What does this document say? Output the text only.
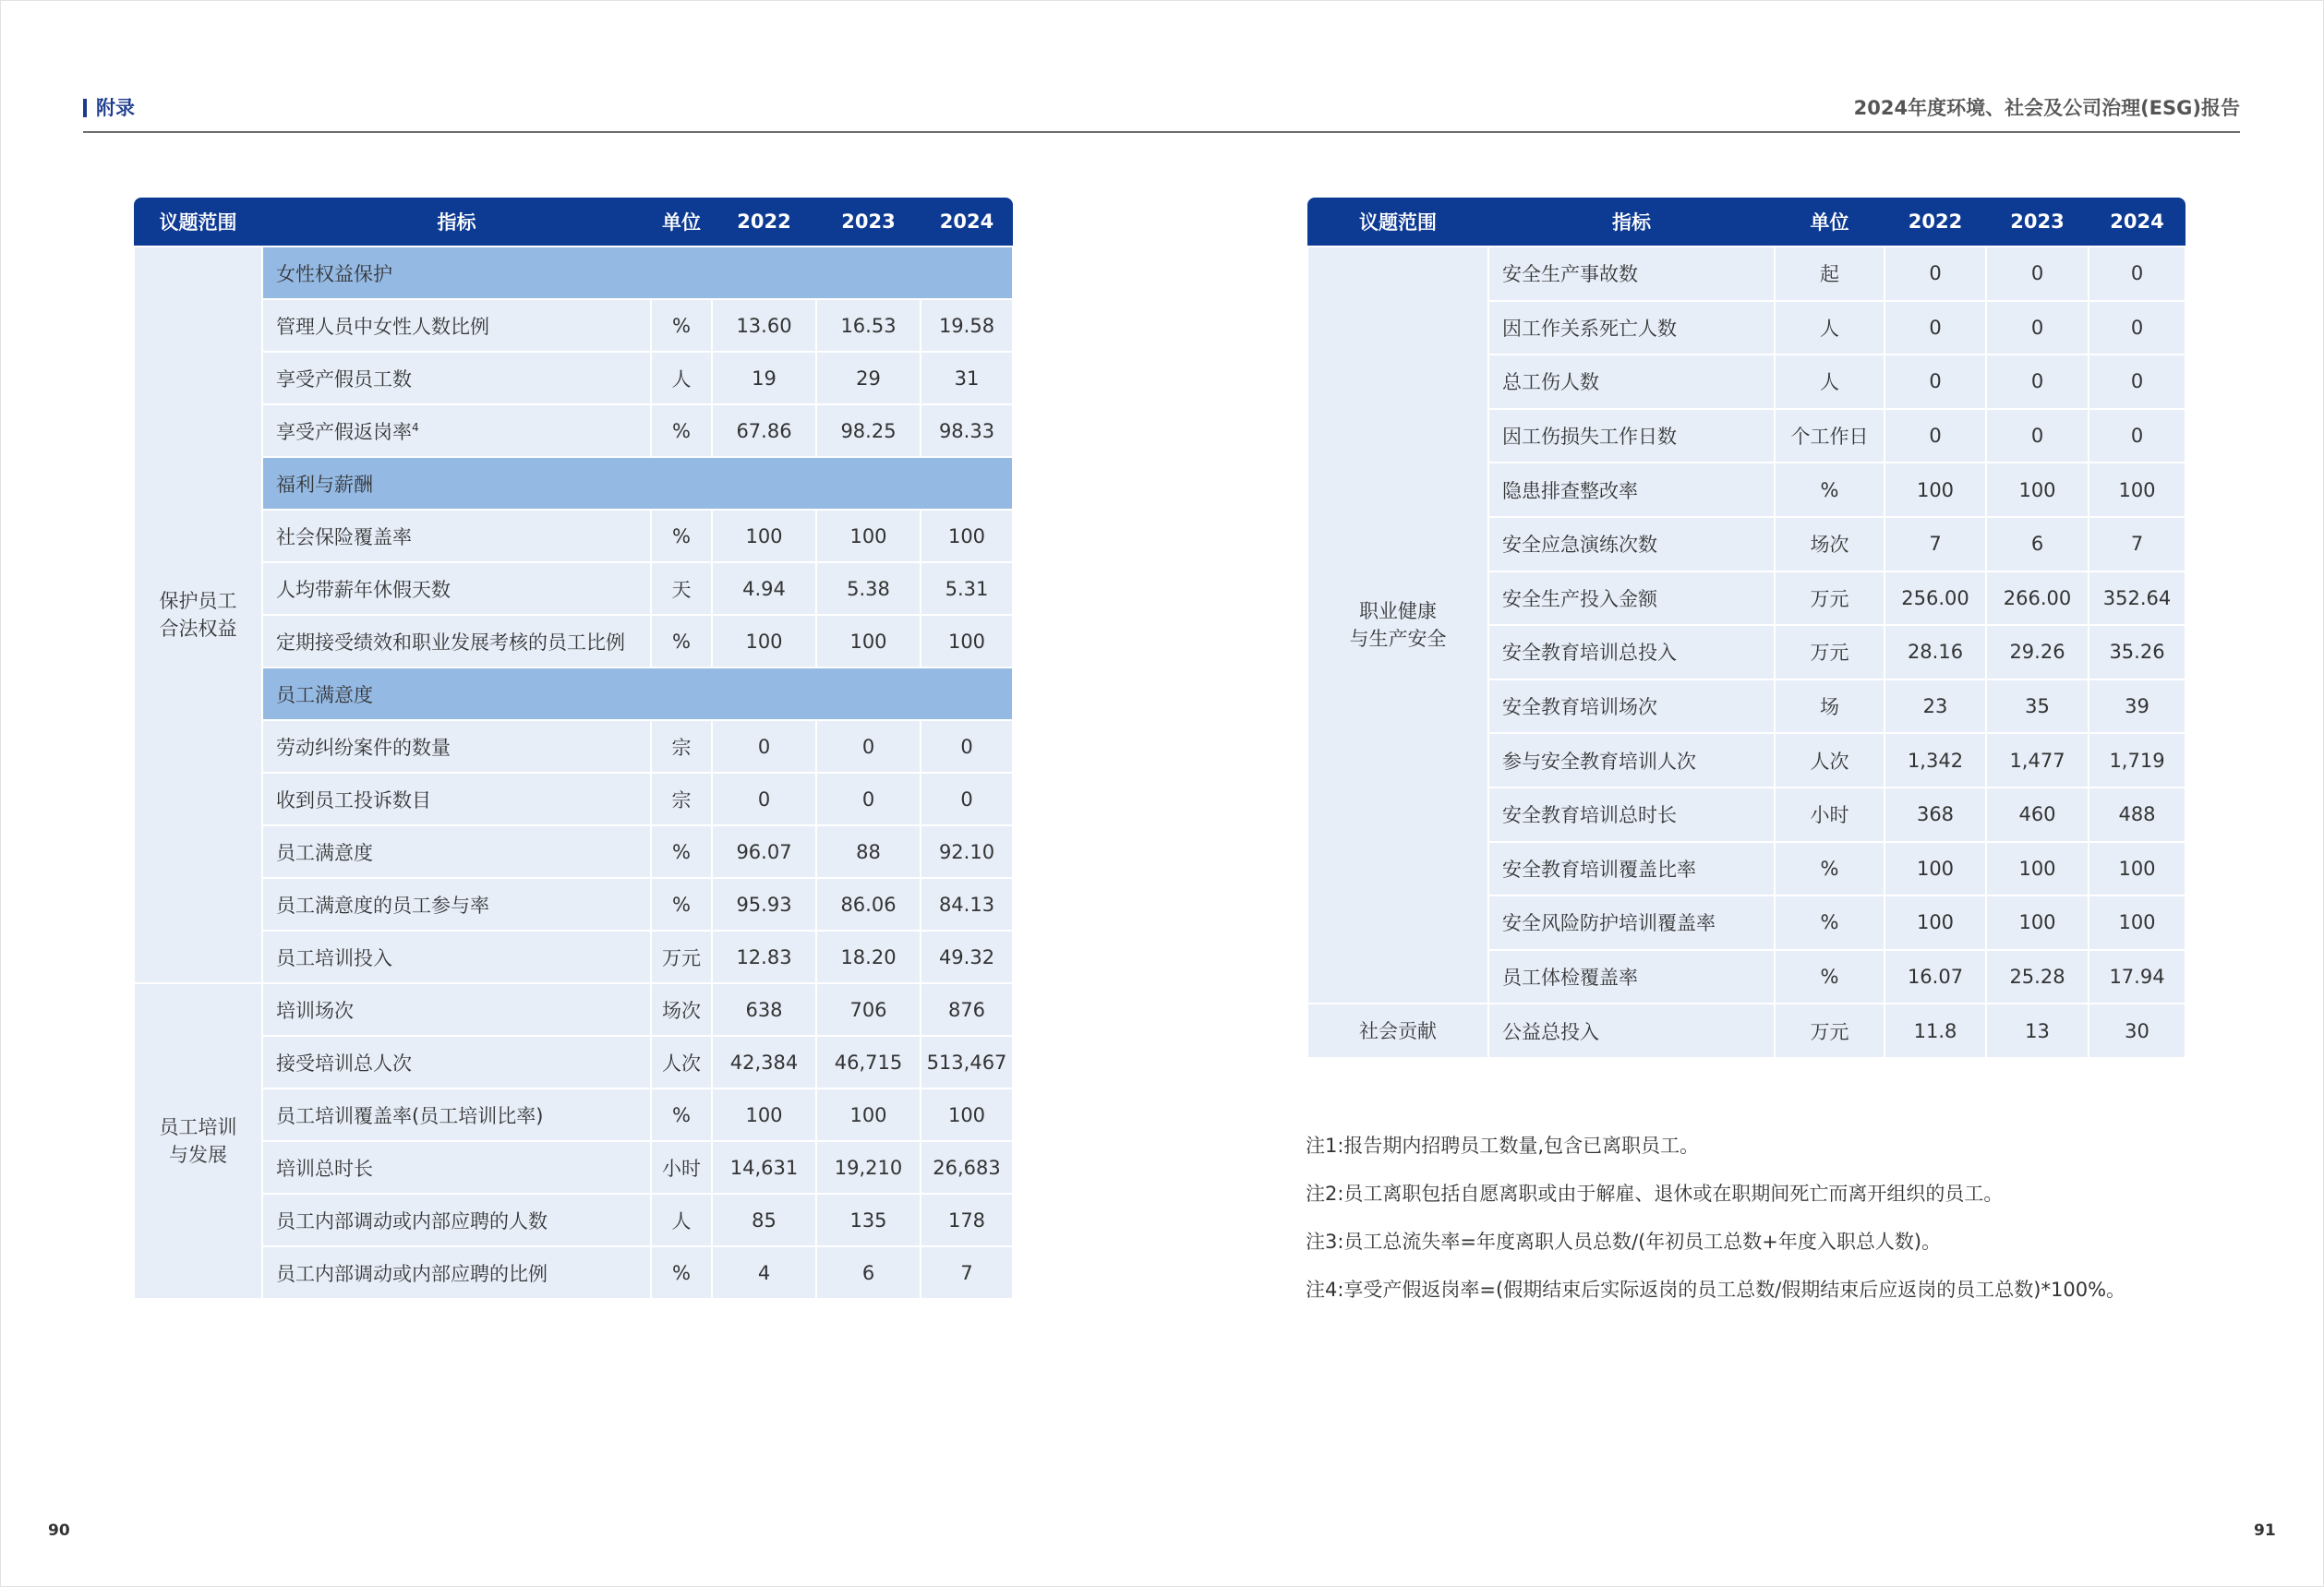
附录	2024年度环境、社会及公司治理(ESG)报告
议题范围	指标	单位	2022	2023	2024
保护员工
合法权益	女性权益保护				
	管理人员中女性人数比例	%	13.60	16.53	19.58
	享受产假员工数	人	19	29	31
	享受产假返岗率$^4$	%	67.86	98.25	98.33
	福利与薪酬				
	社会保险覆盖率	%	100	100	100
	人均带薪年休假天数	天	4.94	5.38	5.31
	定期接受绩效和职业发展考核的员工比例	%	100	100	100
	员工满意度				
	劳动纠纷案件的数量	宗	0	0	0
	收到员工投诉数目	宗	0	0	0
	员工满意度	%	96.07	88	92.10
	员工满意度的员工参与率	%	95.93	86.06	84.13
	员工培训投入	万元	12.83	18.20	49.32
员工培训
与发展	培训场次	场次	638	706	876
	接受培训总人次	人次	42,384	46,715	513,467
	员工培训覆盖率(员工培训比率)	%	100	100	100
	培训总时长	小时	14,631	19,210	26,683
	员工内部调动或内部应聘的人数	人	85	135	178
	员工内部调动或内部应聘的比例	%	4	6	7
议题范围	指标	单位	2022	2023	2024
职业健康
与生产安全	安全生产事故数	起	0	0	0
	因工作关系死亡人数	人	0	0	0
	总工伤人数	人	0	0	0
	因工伤损失工作日数	个工作日	0	0	0
	隐患排查整改率	%	100	100	100
	安全应急演练次数	场次	7	6	7
	安全生产投入金额	万元	256.00	266.00	352.64
	安全教育培训总投入	万元	28.16	29.26	35.26
	安全教育培训场次	场	23	35	39
	参与安全教育培训人次	人次	1,342	1,477	1,719
	安全教育培训总时长	小时	368	460	488
	安全教育培训覆盖比率	%	100	100	100
	安全风险防护培训覆盖率	%	100	100	100
	员工体检覆盖率	%	16.07	25.28	17.94
社会贡献	公益总投入	万元	11.8	13	30
注1:报告期内招聘员工数量,包含已离职员工。
注2:员工离职包括自愿离职或由于解雇、退休或在职期间死亡而离开组织的员工。
注3:员工总流失率=年度离职人员总数/(年初员工总数+年度入职总人数)。
注4:享受产假返岗率=(假期结束后实际返岗的员工总数/假期结束后应返岗的员工总数)*100%。
90	91
